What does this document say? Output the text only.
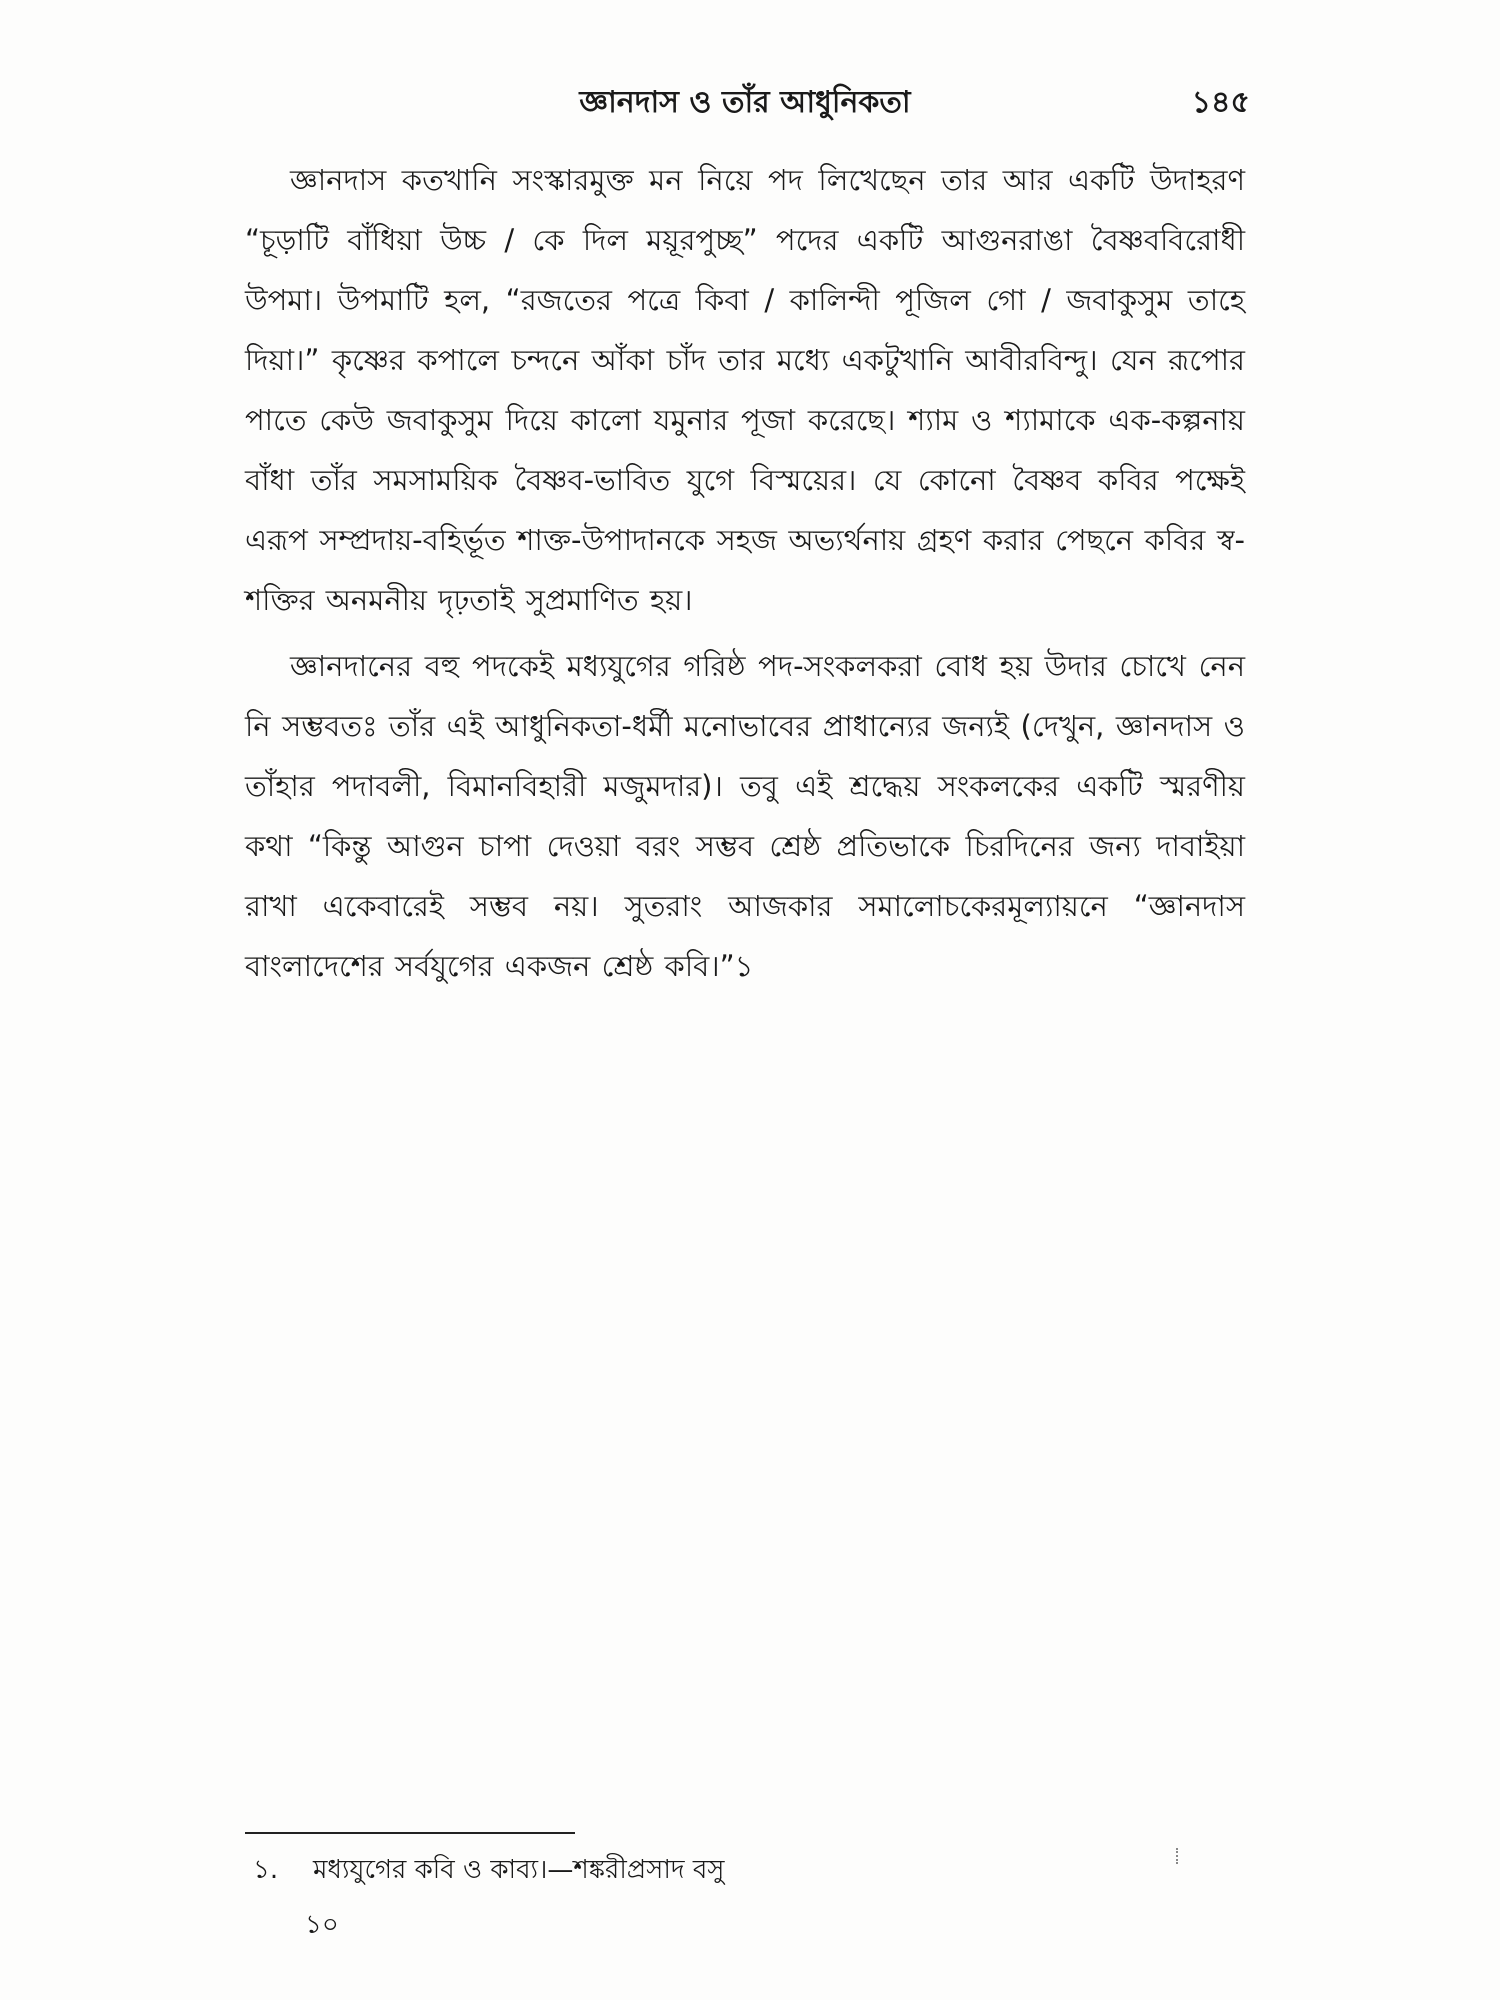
জ্ঞানদাস ও তাঁর আধুনিকতা	১৪৫

জ্ঞানদাস কতখানি সংস্কারমুক্ত মন নিয়ে পদ লিখেছেন তার আর একটি উদাহরণ “চূড়াটি বাঁধিয়া উচ্চ / কে দিল ময়ূরপুচ্ছ” পদের একটি আগুনরাঙা বৈষ্ণববিরোধী উপমা। উপমাটি হল, “রজতের পত্রে কিবা / কালিন্দী পূজিল গো / জবাকুসুম তাহে দিয়া।” কৃষ্ণের কপালে চন্দনে আঁকা চাঁদ তার মধ্যে একটুখানি আবীরবিন্দু। যেন রূপোর পাতে কেউ জবাকুসুম দিয়ে কালো যমুনার পূজা করেছে। শ্যাম ও শ্যামাকে এক-কল্পনায় বাঁধা তাঁর সমসাময়িক বৈষ্ণব-ভাবিত যুগে বিস্ময়ের। যে কোনো বৈষ্ণব কবির পক্ষেই এরূপ সম্প্রদায়-বহির্ভূত শাক্ত-উপাদানকে সহজ অভ্যর্থনায় গ্রহণ করার পেছনে কবির স্ব-শক্তির অনমনীয় দৃঢ়তাই সুপ্রমাণিত হয়।

জ্ঞানদানের বহু পদকেই মধ্যযুগের গরিষ্ঠ পদ-সংকলকরা বোধ হয় উদার চোখে নেন নি সম্ভবতঃ তাঁর এই আধুনিকতা-ধর্মী মনোভাবের প্রাধান্যের জন্যই (দেখুন, জ্ঞানদাস ও তাঁহার পদাবলী, বিমানবিহারী মজুমদার)। তবু এই শ্রদ্ধেয় সংকলকের একটি স্মরণীয় কথা “কিন্তু আগুন চাপা দেওয়া বরং সম্ভব শ্রেষ্ঠ প্রতিভাকে চিরদিনের জন্য দাবাইয়া রাখা একেবারেই সম্ভব নয়। সুতরাং আজকার সমালোচকেরমূল্যায়নে “জ্ঞানদাস বাংলাদেশের সর্বযুগের একজন শ্রেষ্ঠ কবি।”১

১. মধ্যযুগের কবি ও কাব্য।—শঙ্করীপ্রসাদ বসু
১০
